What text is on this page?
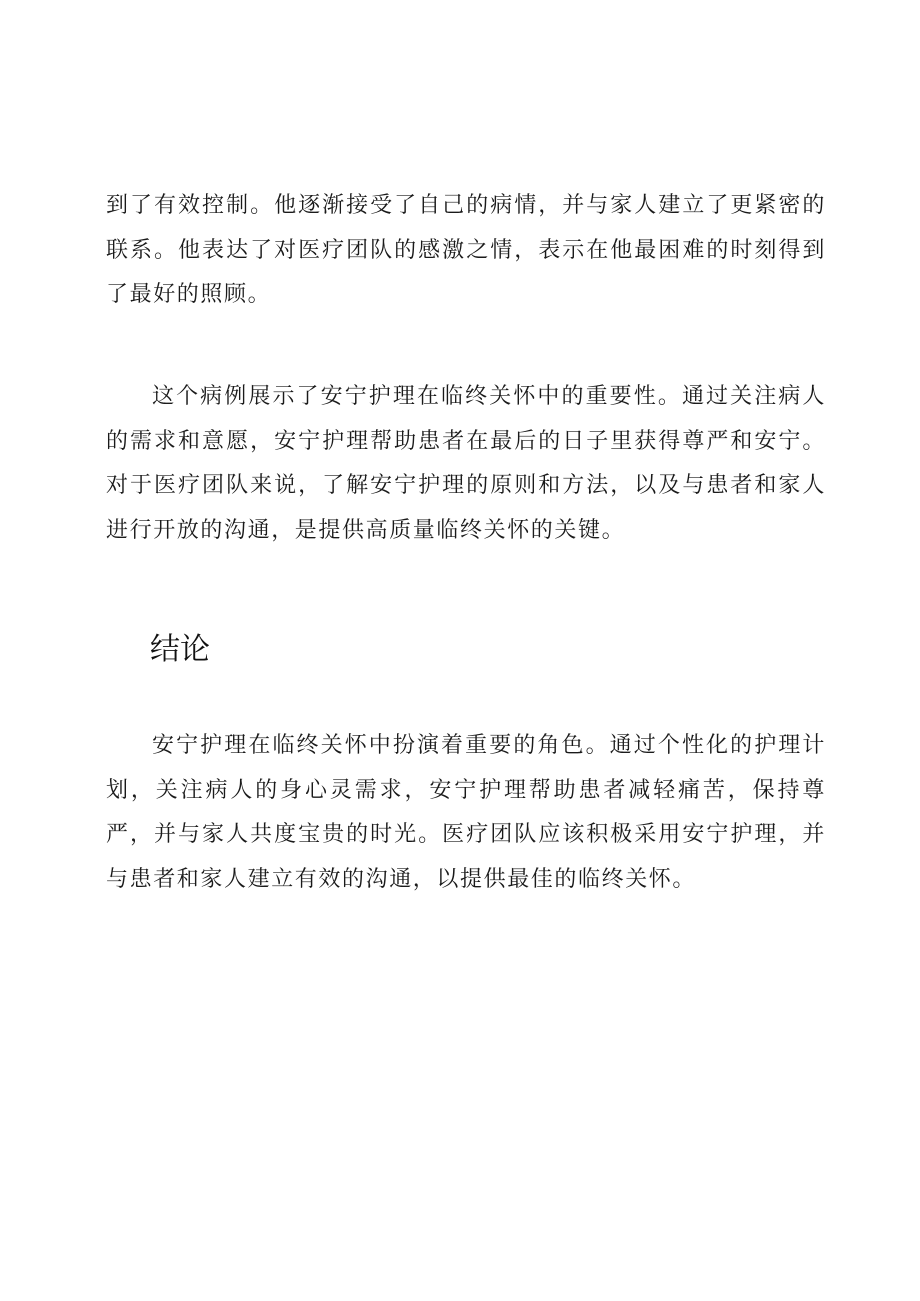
到了有效控制。他逐渐接受了自己的病情，并与家人建立了更紧密的联系。他表达了对医疗团队的感激之情，表示在他最困难的时刻得到了最好的照顾。

这个病例展示了安宁护理在临终关怀中的重要性。通过关注病人的需求和意愿，安宁护理帮助患者在最后的日子里获得尊严和安宁。对于医疗团队来说，了解安宁护理的原则和方法，以及与患者和家人进行开放的沟通，是提供高质量临终关怀的关键。

结论

安宁护理在临终关怀中扮演着重要的角色。通过个性化的护理计划，关注病人的身心灵需求，安宁护理帮助患者减轻痛苦，保持尊严，并与家人共度宝贵的时光。医疗团队应该积极采用安宁护理，并与患者和家人建立有效的沟通，以提供最佳的临终关怀。
